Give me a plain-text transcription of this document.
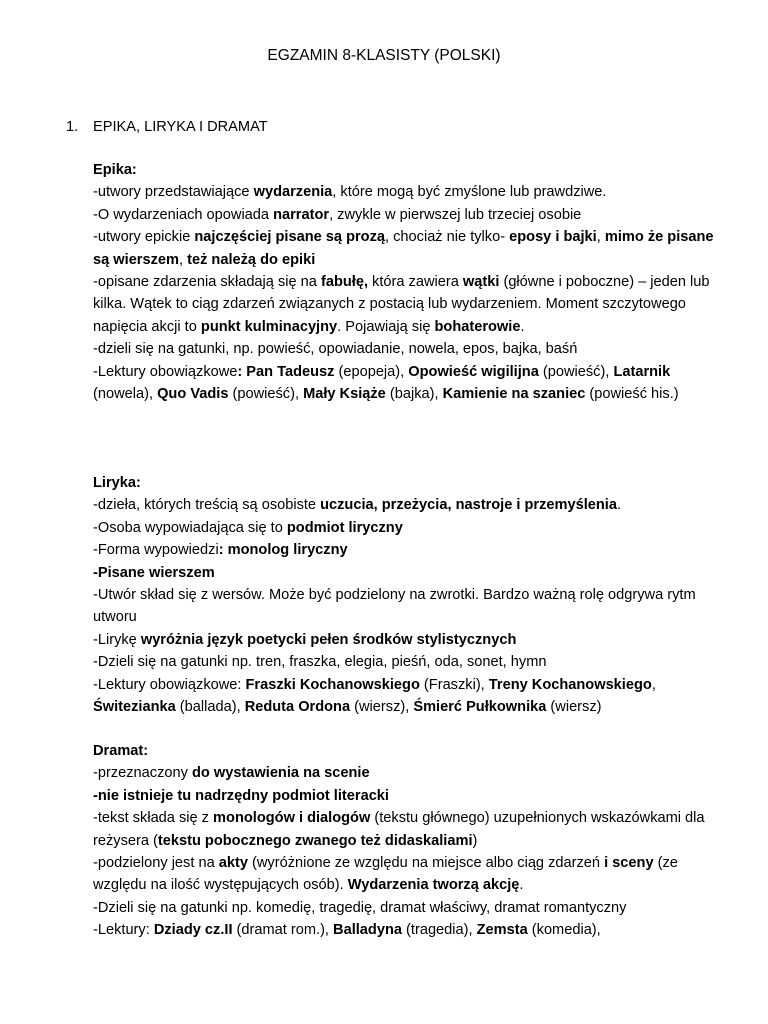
EGZAMIN 8-KLASISTY (POLSKI)
1. EPIKA, LIRYKA I DRAMAT
Epika:
-utwory przedstawiające wydarzenia, które mogą być zmyślone lub prawdziwe.
-O wydarzeniach opowiada narrator, zwykle w pierwszej lub trzeciej osobie
-utwory epickie najczęściej pisane są prozą, chociaż nie tylko- eposy i bajki, mimo że pisane są wierszem, też należą do epiki
-opisane zdarzenia składają się na fabułę, która zawiera wątki (główne i poboczne) – jeden lub kilka. Wątek to ciąg zdarzeń związanych z postacią lub wydarzeniem. Moment szczytowego napięcia akcji to punkt kulminacyjny. Pojawiają się bohaterowie.
-dzieli się na gatunki, np. powieść, opowiadanie, nowela, epos, bajka, baśń
-Lektury obowiązkowe: Pan Tadeusz (epopeja), Opowieść wigilijna (powieść), Latarnik (nowela), Quo Vadis (powieść), Mały Książe (bajka), Kamienie na szaniec (powieść his.)
Liryka:
-dzieła, których treścią są osobiste uczucia, przeżycia, nastroje i przemyślenia.
-Osoba wypowiadająca się to podmiot liryczny
-Forma wypowiedzi: monolog liryczny
-Pisane wierszem
-Utwór skład się z wersów. Może być podzielony na zwrotki. Bardzo ważną rolę odgrywa rytm utworu
-Lirykę wyróżnia język poetycki pełen środków stylistycznych
-Dzieli się na gatunki np. tren, fraszka, elegia, pieśń, oda, sonet, hymn
-Lektury obowiązkowe: Fraszki Kochanowskiego (Fraszki), Treny Kochanowskiego, Świtezianka (ballada), Reduta Ordona (wiersz), Śmierć Pułkownika (wiersz)
Dramat:
-przeznaczony do wystawienia na scenie
-nie istnieje tu nadrzędny podmiot literacki
-tekst składa się z monologów i dialogów (tekstu głównego) uzupełnionych wskazówkami dla reżysera (tekstu pobocznego zwanego też didaskaliami)
-podzielony jest na akty (wyróżnione ze względu na miejsce albo ciąg zdarzeń i sceny (ze względu na ilość występujących osób). Wydarzenia tworzą akcję.
-Dzieli się na gatunki np. komedię, tragedię, dramat właściwy, dramat romantyczny
-Lektury: Dziady cz.II (dramat rom.), Balladyna (tragedia), Zemsta (komedia),
